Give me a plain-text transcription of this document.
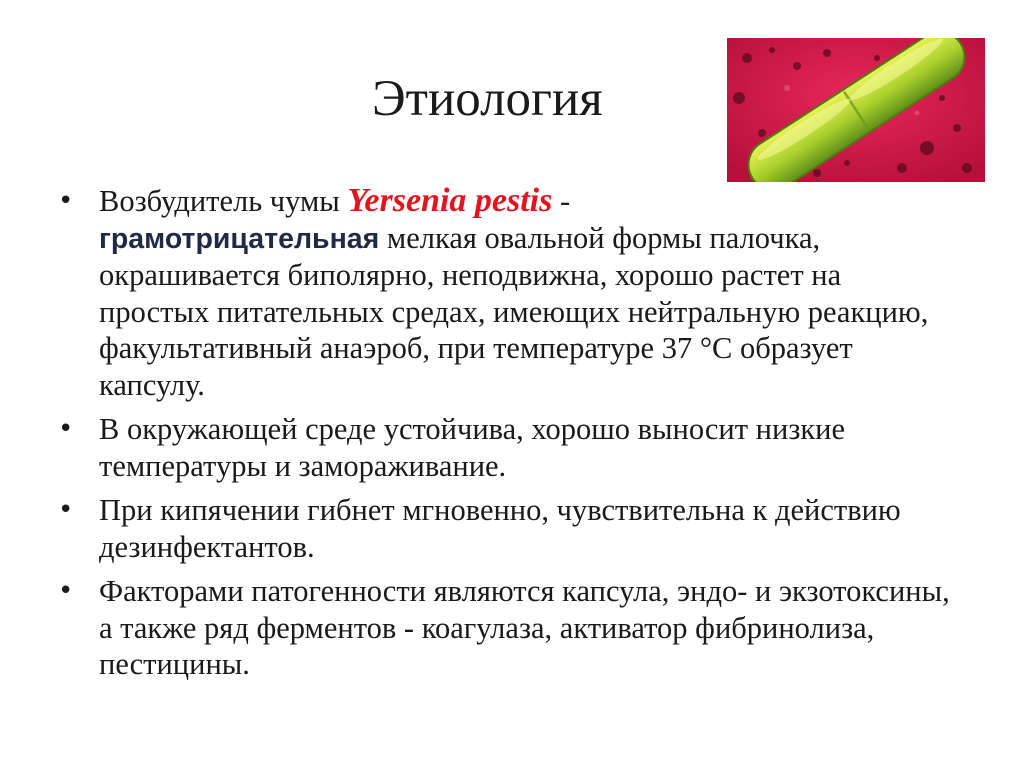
Этиология
• Возбудитель чумы Yersenia pestis -
грамотрицательная мелкая овальной формы палочка, окрашивается биполярно, неподвижна, хорошо растет на простых питательных средах, имеющих нейтральную реакцию, факультативный анаэроб, при температуре 37 °С образует капсулу.
• В окружающей среде устойчива, хорошо выносит низкие температуры и замораживание.
• При кипячении гибнет мгновенно, чувствительна к действию дезинфектантов.
• Факторами патогенности являются капсула, эндо- и экзотоксины, а также ряд ферментов - коагулаза, активатор фибринолиза, пестицины.
